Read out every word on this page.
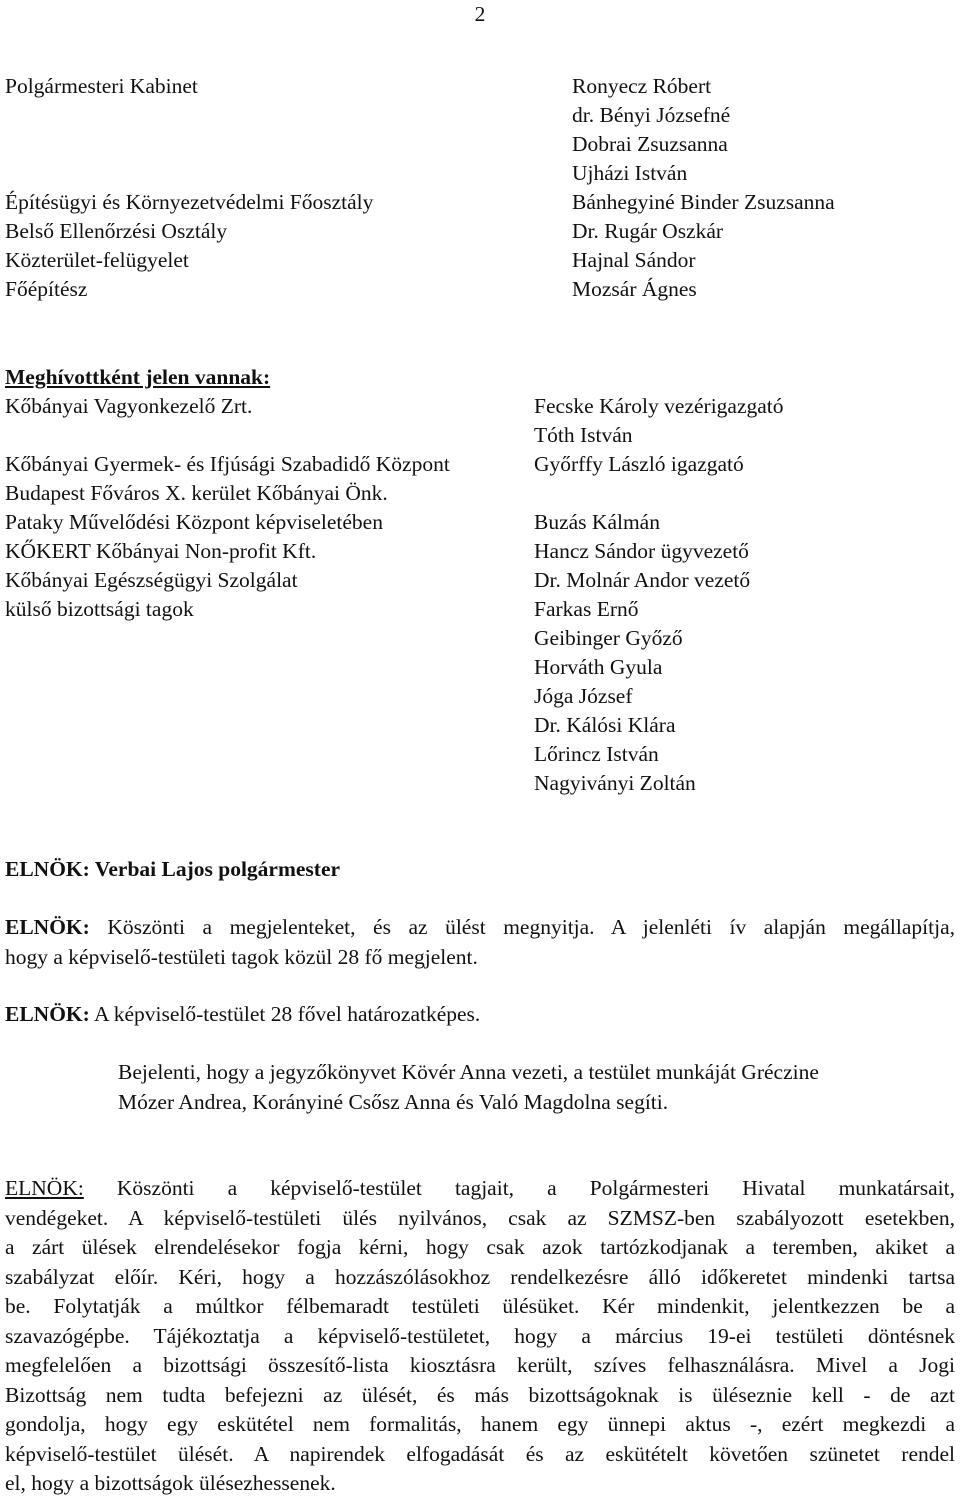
2
Polgármesteri Kabinet
Építésügyi és Környezetvédelmi Főosztály
Belső Ellenőrzési Osztály
Közterület-felügyelet
Főépítész
Ronyecz Róbert
dr. Bényi Józsefné
Dobrai Zsuzsanna
Ujházi István
Bánhegyiné Binder Zsuzsanna
Dr. Rugár Oszkár
Hajnal Sándor
Mozsár Ágnes
Meghívottként jelen vannak:
Kőbányai Vagyonkezelő Zrt.
Kőbányai Gyermek- és Ifjúsági Szabadidő Központ
Budapest Főváros X. kerület Kőbányai Önk.
Pataky Művelődési Központ képviseletében
KŐKERT Kőbányai Non-profit Kft.
Kőbányai Egészségügyi Szolgálat
külső bizottsági tagok
Fecske Károly vezérigazgató
Tóth István
Győrffy László igazgató
Buzás Kálmán
Hancz Sándor ügyvezető
Dr. Molnár Andor vezető
Farkas Ernő
Geibinger Győző
Horváth Gyula
Jóga József
Dr. Kálósi Klára
Lőrincz István
Nagyiványi Zoltán
ELNÖK: Verbai Lajos polgármester
ELNÖK: Köszönti a megjelenteket, és az ülést megnyitja. A jelenléti ív alapján megállapítja,
hogy a képviselő-testületi tagok közül 28 fő megjelent.
ELNÖK: A képviselő-testület 28 fővel határozatképes.
Bejelenti, hogy a jegyzőkönyvet Kövér Anna vezeti, a testület munkáját Gréczine
Mózer Andrea, Korányiné Csősz Anna és Való Magdolna segíti.
ELNÖK: Köszönti a képviselő-testület tagjait, a Polgármesteri Hivatal munkatársait,
vendégeket. A képviselő-testületi ülés nyilvános, csak az SZMSZ-ben szabályozott esetekben,
a zárt ülések elrendelésekor fogja kérni, hogy csak azok tartózkodjanak a teremben, akiket a
szabályzat előír. Kéri, hogy a hozzászólásokhoz rendelkezésre álló időkeretet mindenki tartsa
be. Folytatják a múltkor félbemaradt testületi ülésüket. Kér mindenkit, jelentkezzen be a
szavazógépbe. Tájékoztatja a képviselő-testületet, hogy a március 19-ei testületi döntésnek
megfelelően a bizottsági összesítő-lista kiosztásra került, szíves felhasználásra. Mivel a Jogi
Bizottság nem tudta befejezni az ülését, és más bizottságoknak is ülésezniе kell - de azt
gondolja, hogy egy eskütétel nem formalitás, hanem egy ünnepi aktus -, ezért megkezdi a
képviselő-testület ülését. A napirendek elfogadását és az eskütételt követően szünetet rendel
el, hogy a bizottságok ülésezhessenek.
